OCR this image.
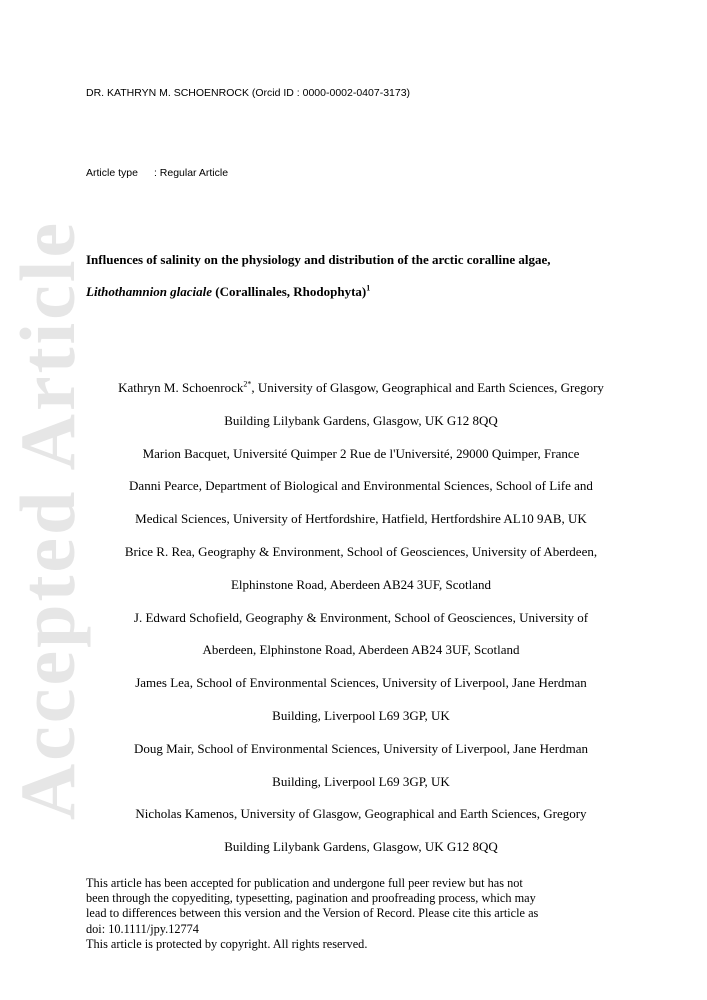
Accepted Article
DR. KATHRYN M. SCHOENROCK (Orcid ID : 0000-0002-0407-3173)
Article type : Regular Article
Influences of salinity on the physiology and distribution of the arctic coralline algae,
Lithothamnion glaciale (Corallinales, Rhodophyta)$^1$
Kathryn M. Schoenrock$^{2*}$, University of Glasgow, Geographical and Earth Sciences, Gregory
Building Lilybank Gardens, Glasgow, UK G12 8QQ
Marion Bacquet, Université Quimper 2 Rue de l'Université, 29000 Quimper, France
Danni Pearce, Department of Biological and Environmental Sciences, School of Life and
Medical Sciences, University of Hertfordshire, Hatfield, Hertfordshire AL10 9AB, UK
Brice R. Rea, Geography & Environment, School of Geosciences, University of Aberdeen,
Elphinstone Road, Aberdeen AB24 3UF, Scotland
J. Edward Schofield, Geography & Environment, School of Geosciences, University of
Aberdeen, Elphinstone Road, Aberdeen AB24 3UF, Scotland
James Lea, School of Environmental Sciences, University of Liverpool, Jane Herdman
Building, Liverpool L69 3GP, UK
Doug Mair, School of Environmental Sciences, University of Liverpool, Jane Herdman
Building, Liverpool L69 3GP, UK
Nicholas Kamenos, University of Glasgow, Geographical and Earth Sciences, Gregory
Building Lilybank Gardens, Glasgow, UK G12 8QQ
This article has been accepted for publication and undergone full peer review but has not
been through the copyediting, typesetting, pagination and proofreading process, which may
lead to differences between this version and the Version of Record. Please cite this article as
doi: 10.1111/jpy.12774
This article is protected by copyright. All rights reserved.
